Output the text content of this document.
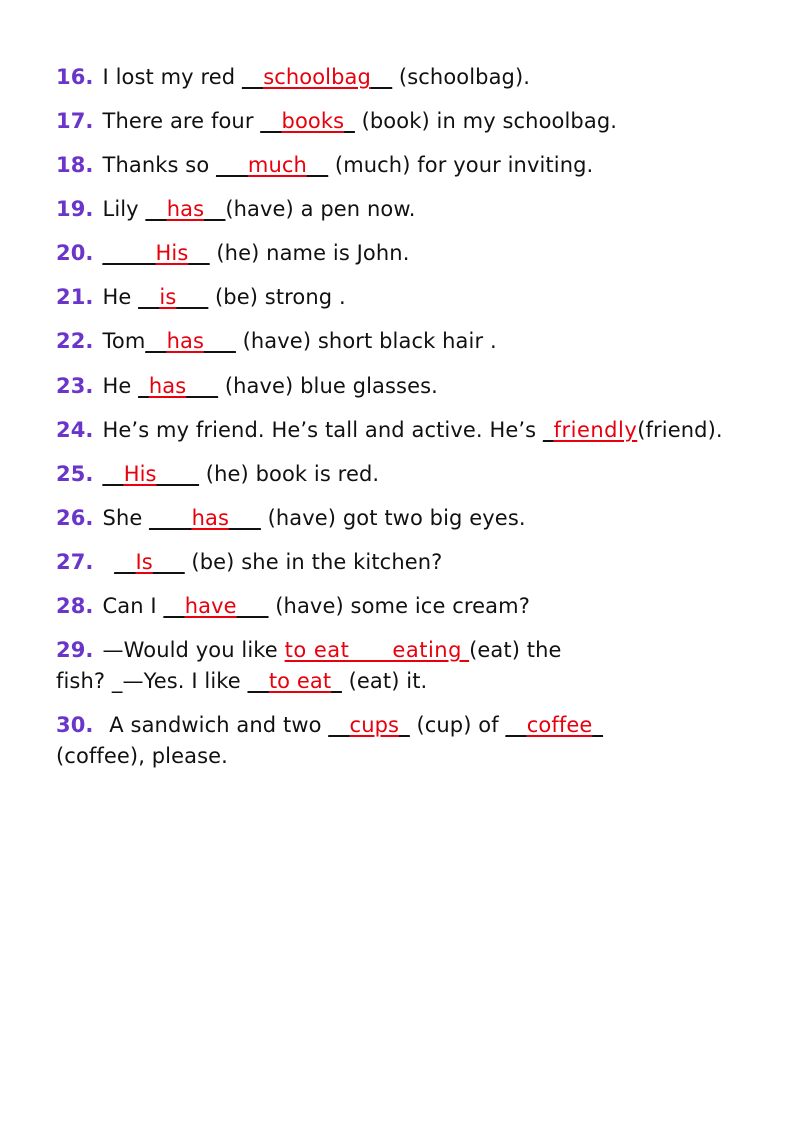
16. I lost my red __schoolbag__ (schoolbag).
17. There are four __books_ (book) in my schoolbag.
18. Thanks so ___much__ (much) for your inviting.
19. Lily __has__(have) a pen now.
20. _____His__ (he) name is John.
21. He __is___ (be) strong .
22. Tom__has___ (have) short black hair .
23. He _has___ (have) blue glasses.
24. He’s my friend. He’s tall and active. He’s _friendly(friend).
25. __His____ (he) book is red.
26. She ____has___ (have) got two big eyes.
27. __Is___ (be) she in the kitchen?
28. Can I __have___ (have) some ice cream?
29. —Would you like to eat      eating (eat) the
fish? _—Yes. I like __to eat_ (eat) it.
30. A sandwich and two __cups_ (cup) of __coffee_
(coffee), please.
